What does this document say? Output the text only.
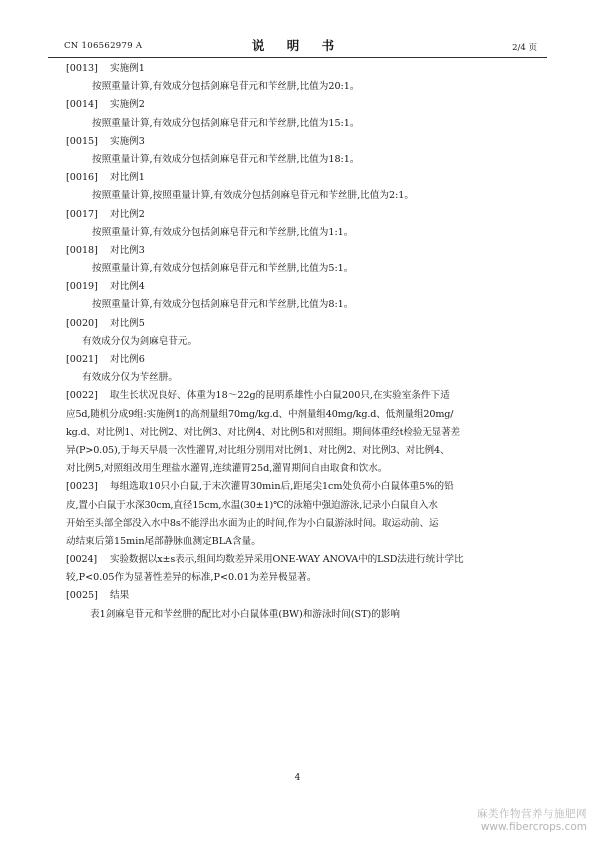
CN 106562979 A	说 明 书	2/4 页
[0013] 实施例1
按照重量计算,有效成分包括剑麻皂苷元和苄丝肼,比值为20:1。
[0014] 实施例2
按照重量计算,有效成分包括剑麻皂苷元和苄丝肼,比值为15:1。
[0015] 实施例3
按照重量计算,有效成分包括剑麻皂苷元和苄丝肼,比值为18:1。
[0016] 对比例1
按照重量计算,按照重量计算,有效成分包括剑麻皂苷元和苄丝肼,比值为2:1。
[0017] 对比例2
按照重量计算,有效成分包括剑麻皂苷元和苄丝肼,比值为1:1。
[0018] 对比例3
按照重量计算,有效成分包括剑麻皂苷元和苄丝肼,比值为5:1。
[0019] 对比例4
按照重量计算,有效成分包括剑麻皂苷元和苄丝肼,比值为8:1。
[0020] 对比例5
有效成分仅为剑麻皂苷元。
[0021] 对比例6
有效成分仅为苄丝肼。
[0022] 取生长状况良好、体重为18～22g的昆明系雄性小白鼠200只,在实验室条件下适
应5d,随机分成9组:实施例1的高剂量组70mg/kg.d、中剂量组40mg/kg.d、低剂量组20mg/
kg.d、对比例1、对比例2、对比例3、对比例4、对比例5和对照组。期间体重经t检验无显著差
异(P>0.05),于每天早晨一次性灌胃,对比组分别用对比例1、对比例2、对比例3、对比例4、
对比例5,对照组改用生理盐水灌胃,连续灌胃25d,灌胃期间自由取食和饮水。
[0023] 每组选取10只小白鼠,于末次灌胃30min后,距尾尖1cm处负荷小白鼠体重5%的铅
皮,置小白鼠于水深30cm,直径15cm,水温(30±1)℃的泳箱中强迫游泳,记录小白鼠自入水
开始至头部全部没入水中8s不能浮出水面为止的时间,作为小白鼠游泳时间。取运动前、运
动结束后第15min尾部静脉血测定BLA含量。
[0024] 实验数据以x±s表示,组间均数差异采用ONE-WAY ANOVA中的LSD法进行统计学比
较,P<0.05作为显著性差异的标准,P<0.01为差异极显著。
[0025] 结果
表1剑麻皂苷元和苄丝肼的配比对小白鼠体重(BW)和游泳时间(ST)的影响
4
麻类作物营养与施肥网
www.fibercrops.com
